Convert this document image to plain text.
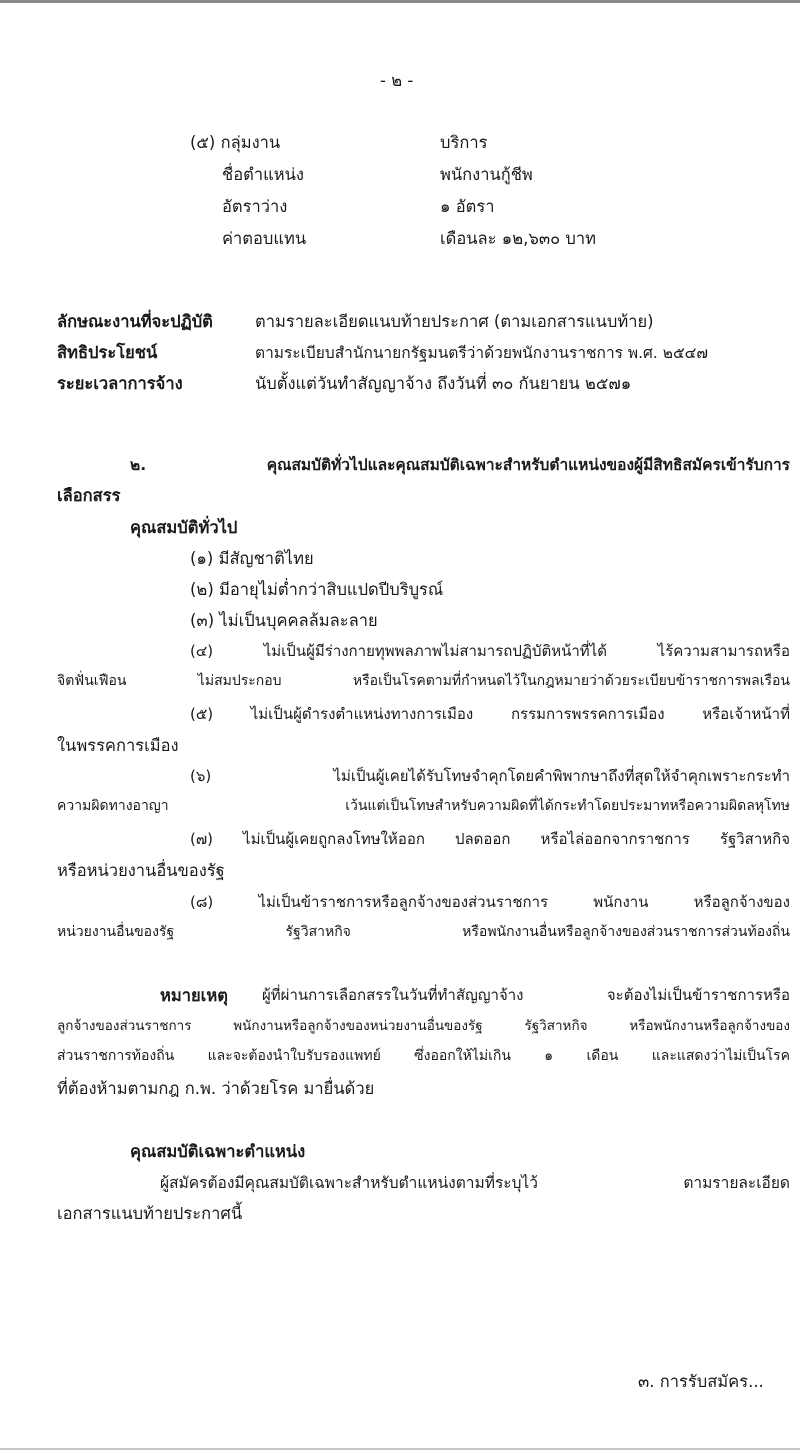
- ๒ -
(๕) กลุ่มงาน	บริการ
ชื่อตำแหน่ง	พนักงานกู้ชีพ
อัตราว่าง	๑ อัตรา
ค่าตอบแทน	เดือนละ ๑๒,๖๓๐ บาท
ลักษณะงานที่จะปฏิบัติ	ตามรายละเอียดแนบท้ายประกาศ (ตามเอกสารแนบท้าย)
สิทธิประโยชน์	ตามระเบียบสำนักนายกรัฐมนตรีว่าด้วยพนักงานราชการ พ.ศ. ๒๕๔๗
ระยะเวลาการจ้าง	นับตั้งแต่วันทำสัญญาจ้าง ถึงวันที่ ๓๐ กันยายน ๒๕๗๑
๒. คุณสมบัติทั่วไปและคุณสมบัติเฉพาะสำหรับตำแหน่งของผู้มีสิทธิสมัครเข้ารับการ
เลือกสรร
คุณสมบัติทั่วไป
(๑) มีสัญชาติไทย
(๒) มีอายุไม่ต่ำกว่าสิบแปดปีบริบูรณ์
(๓) ไม่เป็นบุคคลล้มละลาย
(๔) ไม่เป็นผู้มีร่างกายทุพพลภาพไม่สามารถปฏิบัติหน้าที่ได้ ไร้ความสามารถหรือ
จิตฟั่นเฟือน ไม่สมประกอบ หรือเป็นโรคตามที่กำหนดไว้ในกฎหมายว่าด้วยระเบียบข้าราชการพลเรือน
(๕) ไม่เป็นผู้ดำรงตำแหน่งทางการเมือง กรรมการพรรคการเมือง หรือเจ้าหน้าที่
ในพรรคการเมือง
(๖) ไม่เป็นผู้เคยได้รับโทษจำคุกโดยคำพิพากษาถึงที่สุดให้จำคุกเพราะกระทำ
ความผิดทางอาญา เว้นแต่เป็นโทษสำหรับความผิดที่ได้กระทำโดยประมาทหรือความผิดลหุโทษ
(๗) ไม่เป็นผู้เคยถูกลงโทษให้ออก ปลดออก หรือไล่ออกจากราชการ รัฐวิสาหกิจ
หรือหน่วยงานอื่นของรัฐ
(๘) ไม่เป็นข้าราชการหรือลูกจ้างของส่วนราชการ พนักงาน หรือลูกจ้างของ
หน่วยงานอื่นของรัฐ รัฐวิสาหกิจ หรือพนักงานอื่นหรือลูกจ้างของส่วนราชการส่วนท้องถิ่น
หมายเหตุ ผู้ที่ผ่านการเลือกสรรในวันที่ทำสัญญาจ้าง จะต้องไม่เป็นข้าราชการหรือ
ลูกจ้างของส่วนราชการ พนักงานหรือลูกจ้างของหน่วยงานอื่นของรัฐ รัฐวิสาหกิจ หรือพนักงานหรือลูกจ้างของ
ส่วนราชการท้องถิ่น และจะต้องนำใบรับรองแพทย์ ซึ่งออกให้ไม่เกิน ๑ เดือน และแสดงว่าไม่เป็นโรค
ที่ต้องห้ามตามกฎ ก.พ. ว่าด้วยโรค มายื่นด้วย
คุณสมบัติเฉพาะตำแหน่ง
ผู้สมัครต้องมีคุณสมบัติเฉพาะสำหรับตำแหน่งตามที่ระบุไว้ ตามรายละเอียด
เอกสารแนบท้ายประกาศนี้
๓. การรับสมัคร...
